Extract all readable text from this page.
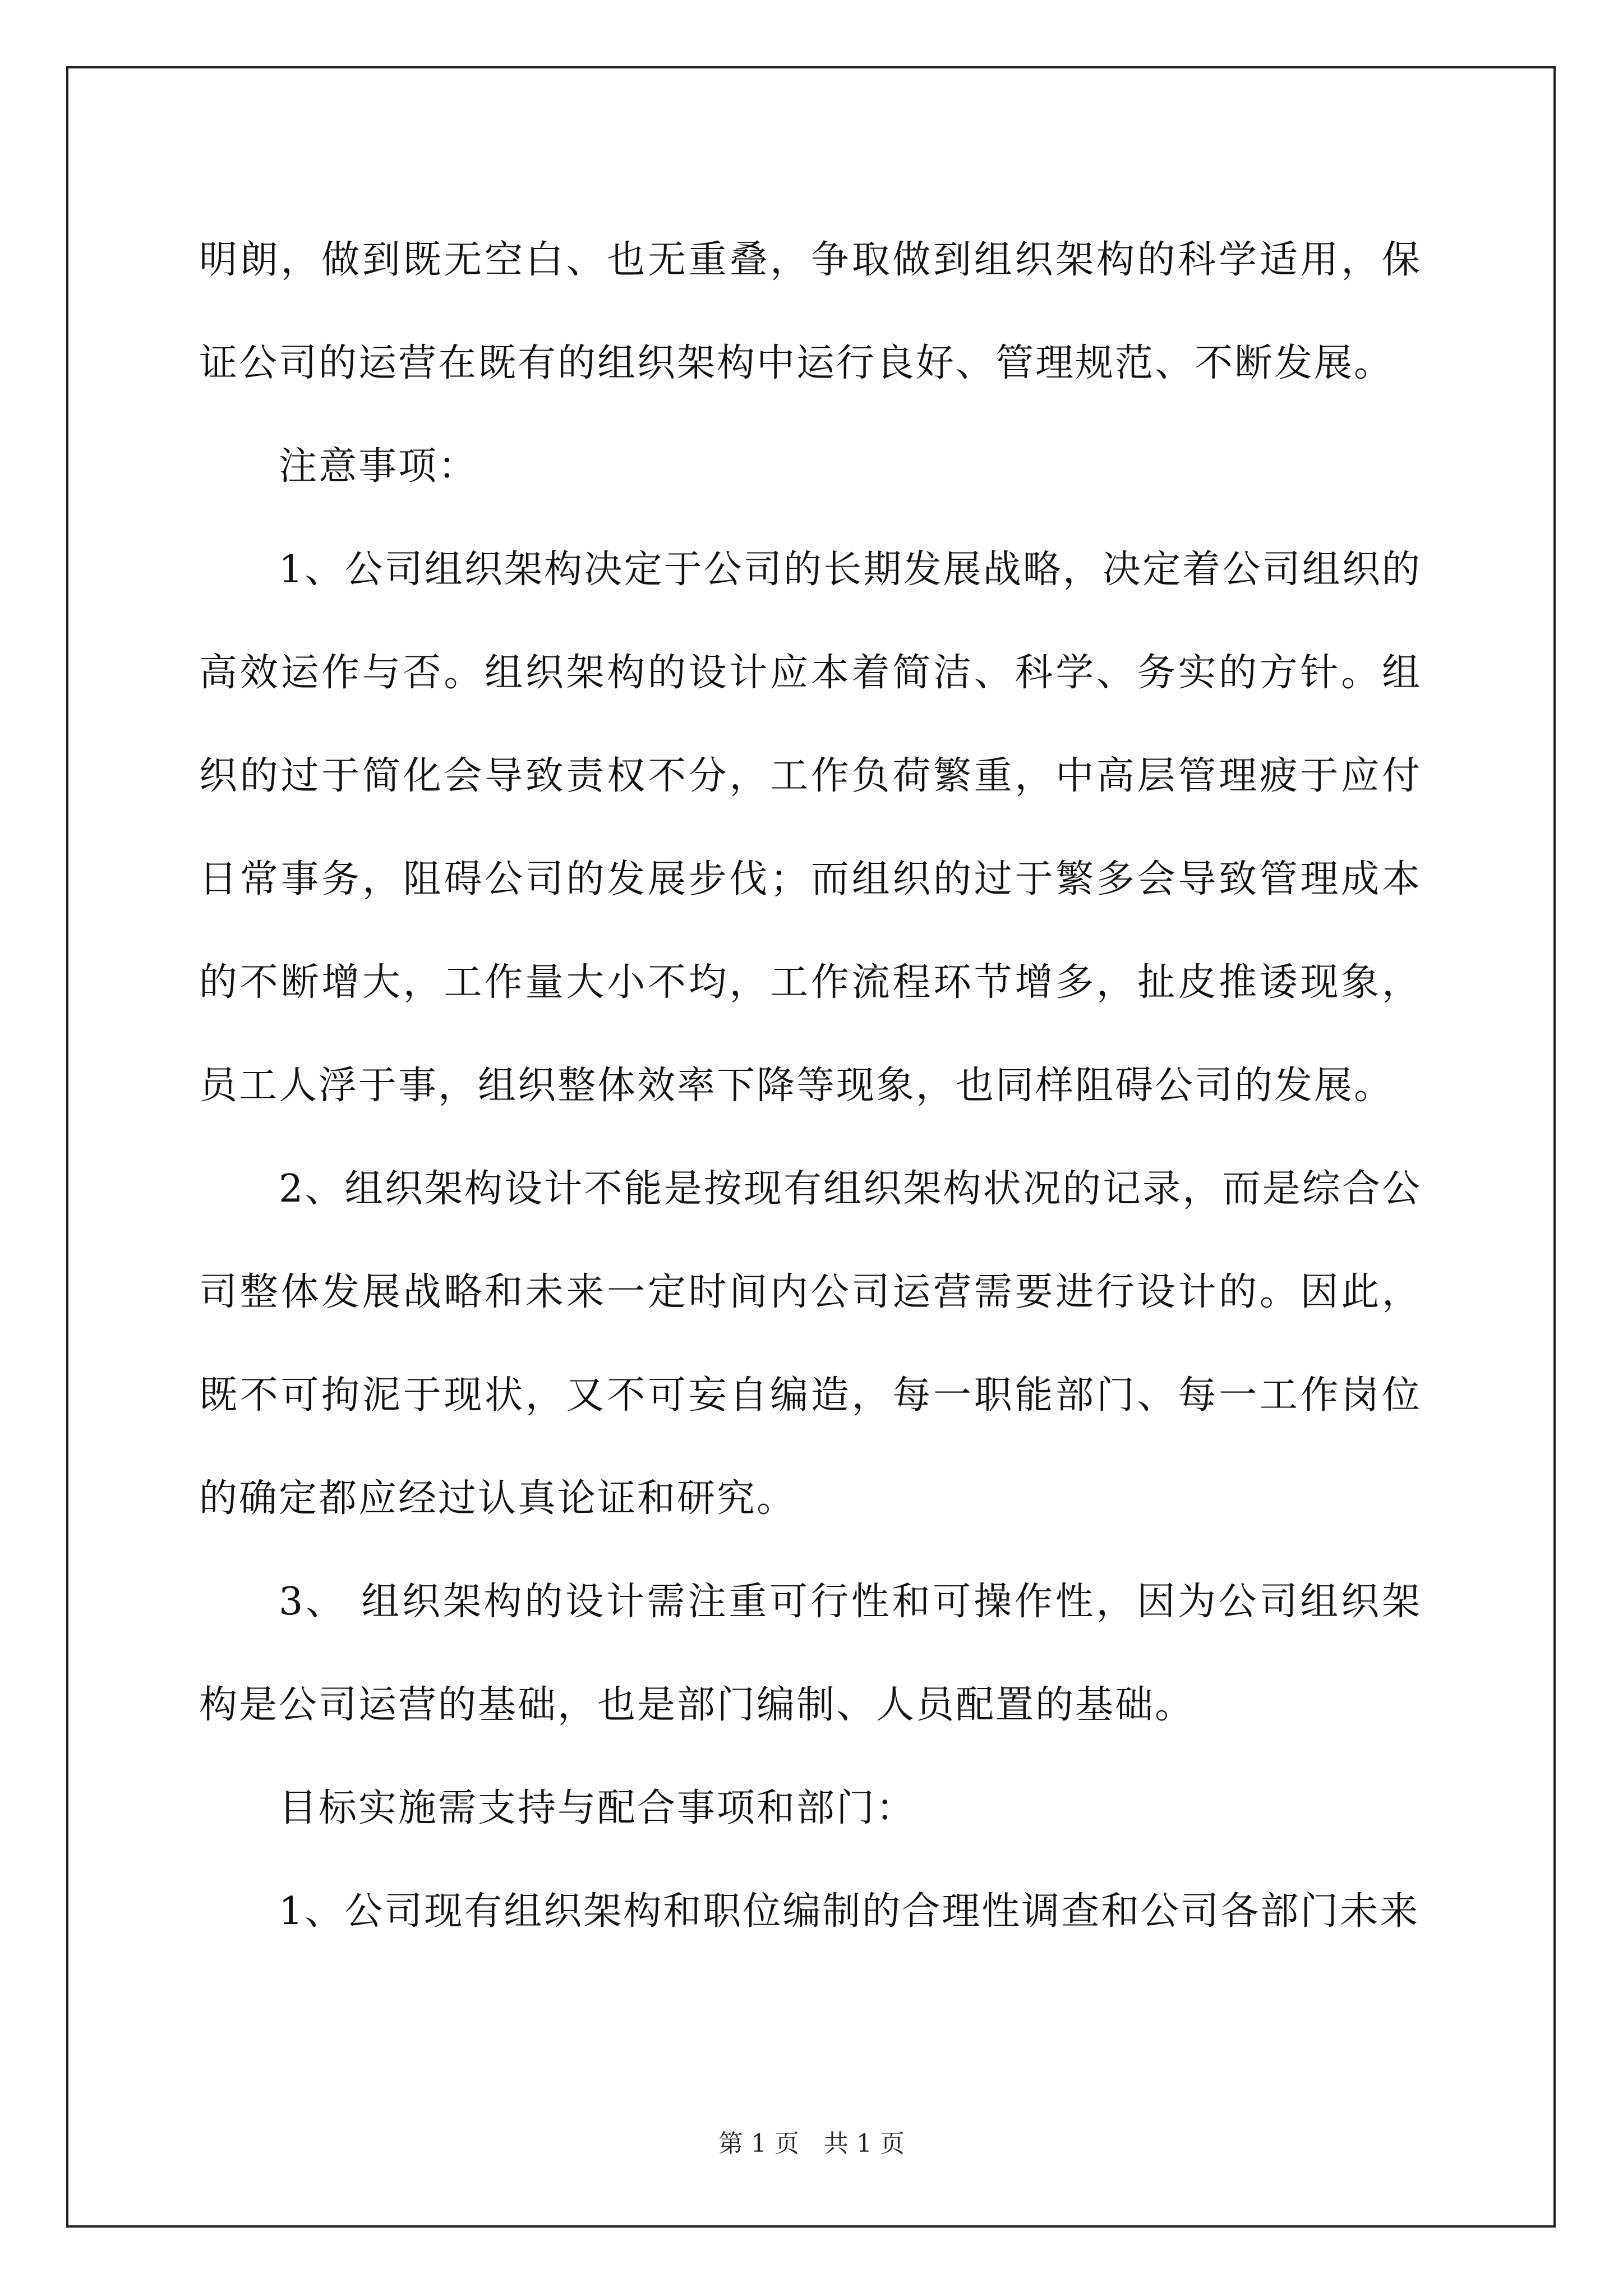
明朗，做到既无空白、也无重叠，争取做到组织架构的科学适用，保证公司的运营在既有的组织架构中运行良好、管理规范、不断发展。

注意事项：

1、公司组织架构决定于公司的长期发展战略，决定着公司组织的高效运作与否。组织架构的设计应本着简洁、科学、务实的方针。组织的过于简化会导致责权不分，工作负荷繁重，中高层管理疲于应付日常事务，阻碍公司的发展步伐；而组织的过于繁多会导致管理成本的不断增大，工作量大小不均，工作流程环节增多，扯皮推诿现象，员工人浮于事，组织整体效率下降等现象，也同样阻碍公司的发展。

2、组织架构设计不能是按现有组织架构状况的记录，而是综合公司整体发展战略和未来一定时间内公司运营需要进行设计的。因此，既不可拘泥于现状，又不可妄自编造，每一职能部门、每一工作岗位的确定都应经过认真论证和研究。

3、 组织架构的设计需注重可行性和可操作性，因为公司组织架构是公司运营的基础，也是部门编制、人员配置的基础。

目标实施需支持与配合事项和部门：

1、公司现有组织架构和职位编制的合理性调查和公司各部门未来

第 1 页　共 1 页
